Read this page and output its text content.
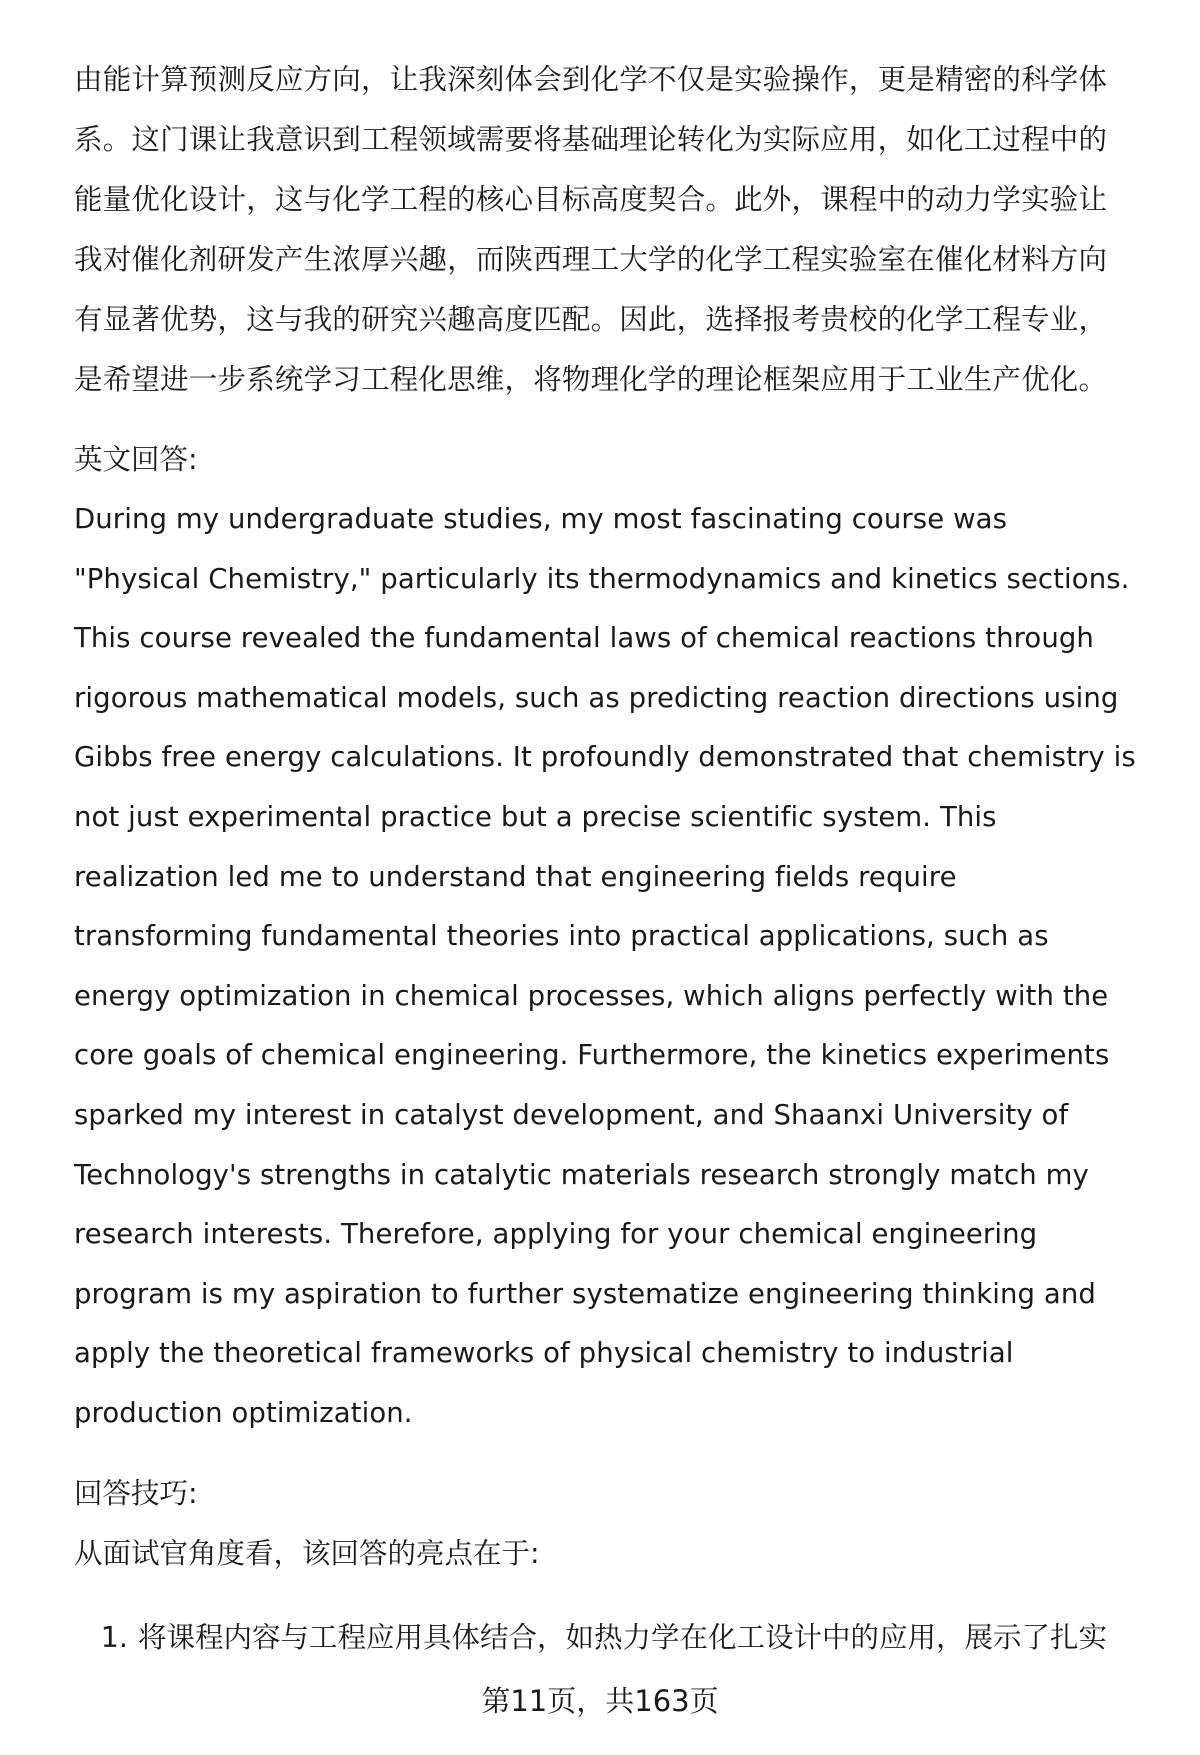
由能计算预测反应方向，让我深刻体会到化学不仅是实验操作，更是精密的科学体

系。这门课让我意识到工程领域需要将基础理论转化为实际应用，如化工过程中的

能量优化设计，这与化学工程的核心目标高度契合。此外，课程中的动力学实验让

我对催化剂研发产生浓厚兴趣，而陕西理工大学的化学工程实验室在催化材料方向

有显著优势，这与我的研究兴趣高度匹配。因此，选择报考贵校的化学工程专业，

是希望进一步系统学习工程化思维，将物理化学的理论框架应用于工业生产优化。

英文回答:

During my undergraduate studies, my most fascinating course was

"Physical Chemistry," particularly its thermodynamics and kinetics sections.

This course revealed the fundamental laws of chemical reactions through

rigorous mathematical models, such as predicting reaction directions using

Gibbs free energy calculations. It profoundly demonstrated that chemistry is

not just experimental practice but a precise scientific system. This

realization led me to understand that engineering fields require

transforming fundamental theories into practical applications, such as

energy optimization in chemical processes, which aligns perfectly with the

core goals of chemical engineering. Furthermore, the kinetics experiments

sparked my interest in catalyst development, and Shaanxi University of

Technology's strengths in catalytic materials research strongly match my

research interests. Therefore, applying for your chemical engineering

program is my aspiration to further systematize engineering thinking and

apply the theoretical frameworks of physical chemistry to industrial

production optimization.

回答技巧:

从面试官角度看，该回答的亮点在于:

1. 将课程内容与工程应用具体结合，如热力学在化工设计中的应用，展示了扎实
第11页，共163页
